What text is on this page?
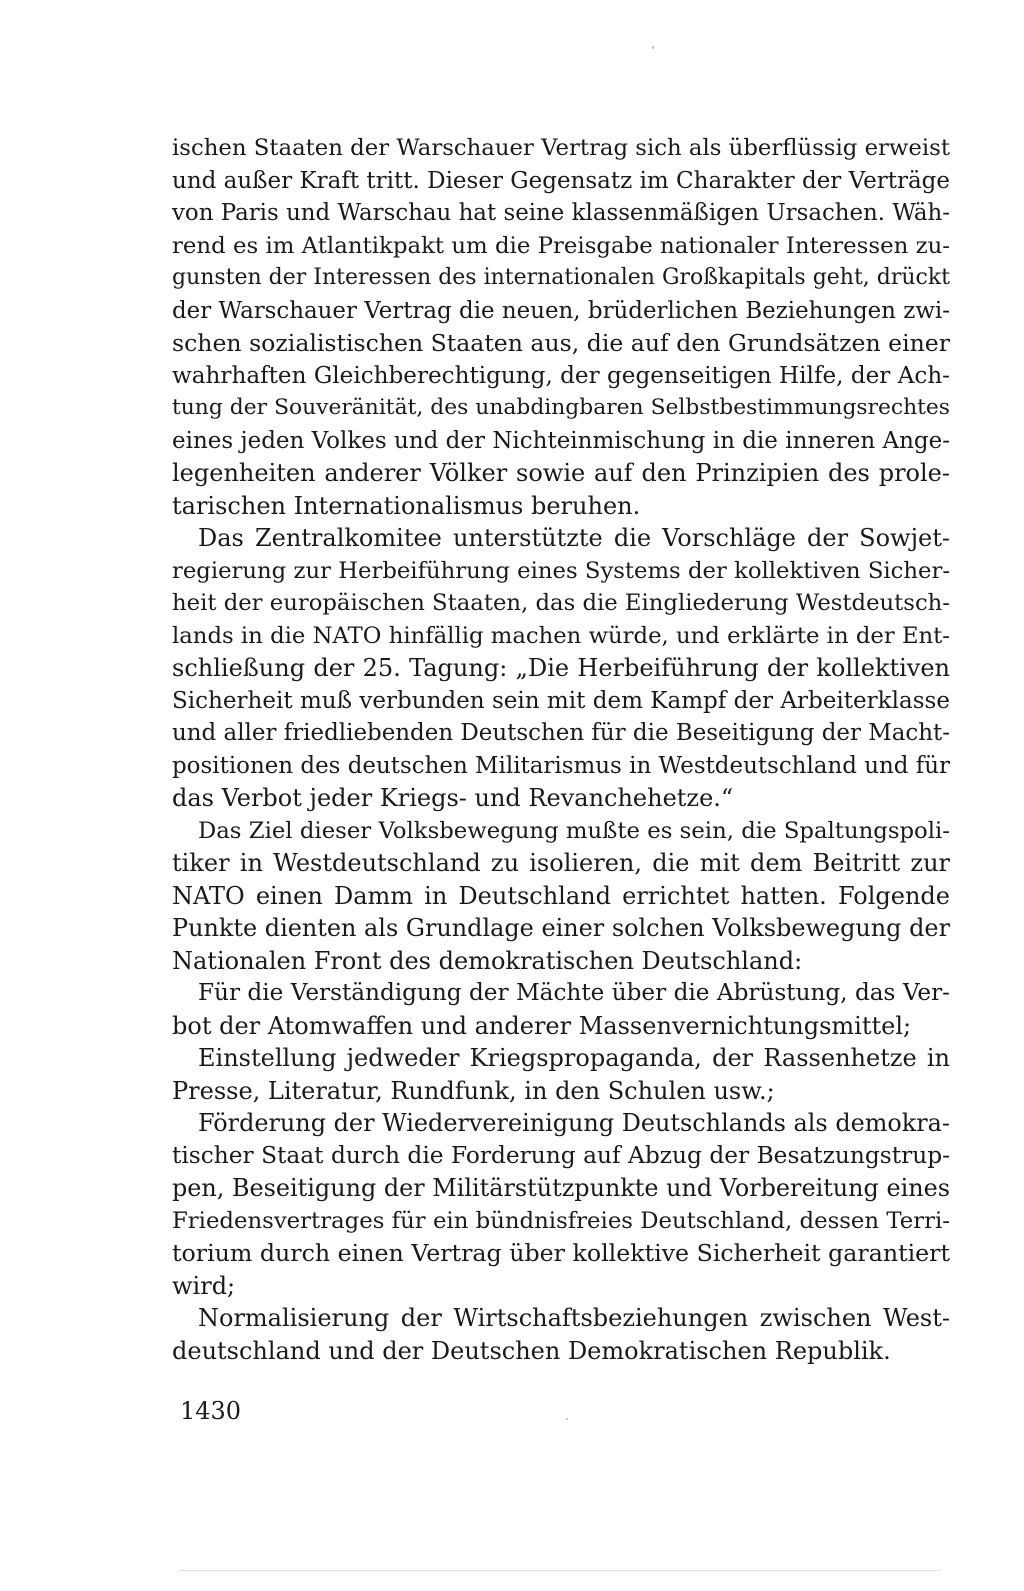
ischen Staaten der Warschauer Vertrag sich als überflüssig erweist
und außer Kraft tritt. Dieser Gegensatz im Charakter der Verträge
von Paris und Warschau hat seine klassenmäßigen Ursachen. Wäh-
rend es im Atlantikpakt um die Preisgabe nationaler Interessen zu-
gunsten der Interessen des internationalen Großkapitals geht, drückt
der Warschauer Vertrag die neuen, brüderlichen Beziehungen zwi-
schen sozialistischen Staaten aus, die auf den Grundsätzen einer
wahrhaften Gleichberechtigung, der gegenseitigen Hilfe, der Ach-
tung der Souveränität, des unabdingbaren Selbstbestimmungsrechtes
eines jeden Volkes und der Nichteinmischung in die inneren Ange-
legenheiten anderer Völker sowie auf den Prinzipien des prole-
tarischen Internationalismus beruhen.
Das Zentralkomitee unterstützte die Vorschläge der Sowjet-
regierung zur Herbeiführung eines Systems der kollektiven Sicher-
heit der europäischen Staaten, das die Eingliederung Westdeutsch-
lands in die NATO hinfällig machen würde, und erklärte in der Ent-
schließung der 25. Tagung: „Die Herbeiführung der kollektiven
Sicherheit muß verbunden sein mit dem Kampf der Arbeiterklasse
und aller friedliebenden Deutschen für die Beseitigung der Macht-
positionen des deutschen Militarismus in Westdeutschland und für
das Verbot jeder Kriegs- und Revanchehetze.“
Das Ziel dieser Volksbewegung mußte es sein, die Spaltungspoli-
tiker in Westdeutschland zu isolieren, die mit dem Beitritt zur
NATO einen Damm in Deutschland errichtet hatten. Folgende
Punkte dienten als Grundlage einer solchen Volksbewegung der
Nationalen Front des demokratischen Deutschland:
Für die Verständigung der Mächte über die Abrüstung, das Ver-
bot der Atomwaffen und anderer Massenvernichtungsmittel;
Einstellung jedweder Kriegspropaganda, der Rassenhetze in
Presse, Literatur, Rundfunk, in den Schulen usw.;
Förderung der Wiedervereinigung Deutschlands als demokra-
tischer Staat durch die Forderung auf Abzug der Besatzungstrup-
pen, Beseitigung der Militärstützpunkte und Vorbereitung eines
Friedensvertrages für ein bündnisfreies Deutschland, dessen Terri-
torium durch einen Vertrag über kollektive Sicherheit garantiert
wird;
Normalisierung der Wirtschaftsbeziehungen zwischen West-
deutschland und der Deutschen Demokratischen Republik.
1430
